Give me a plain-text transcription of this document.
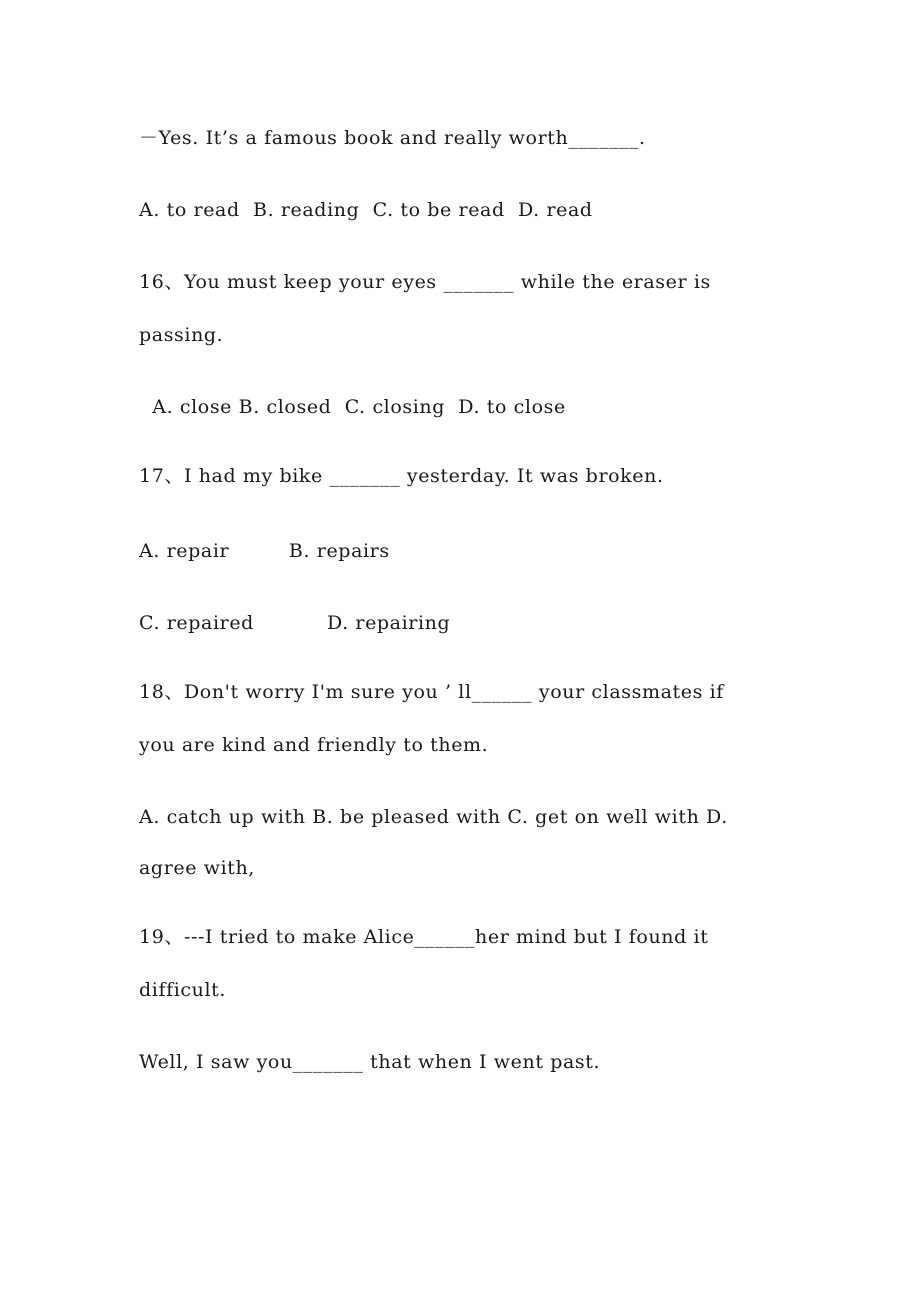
－Yes. It’s a famous book and really worth_______.
A. to read  B. reading  C. to be read  D. read
16、You must keep your eyes _______ while the eraser is
passing.
A. close B. closed  C. closing  D. to close
17、I had my bike _______ yesterday. It was broken.
A. repair         B. repairs
C. repaired           D. repairing
18、Don't worry I'm sure you ’ ll______ your classmates if
you are kind and friendly to them.
A. catch up with B. be pleased with C. get on well with D.
agree with,
19、---I tried to make Alice______her mind but I found it
difficult.
Well, I saw you_______ that when I went past.
